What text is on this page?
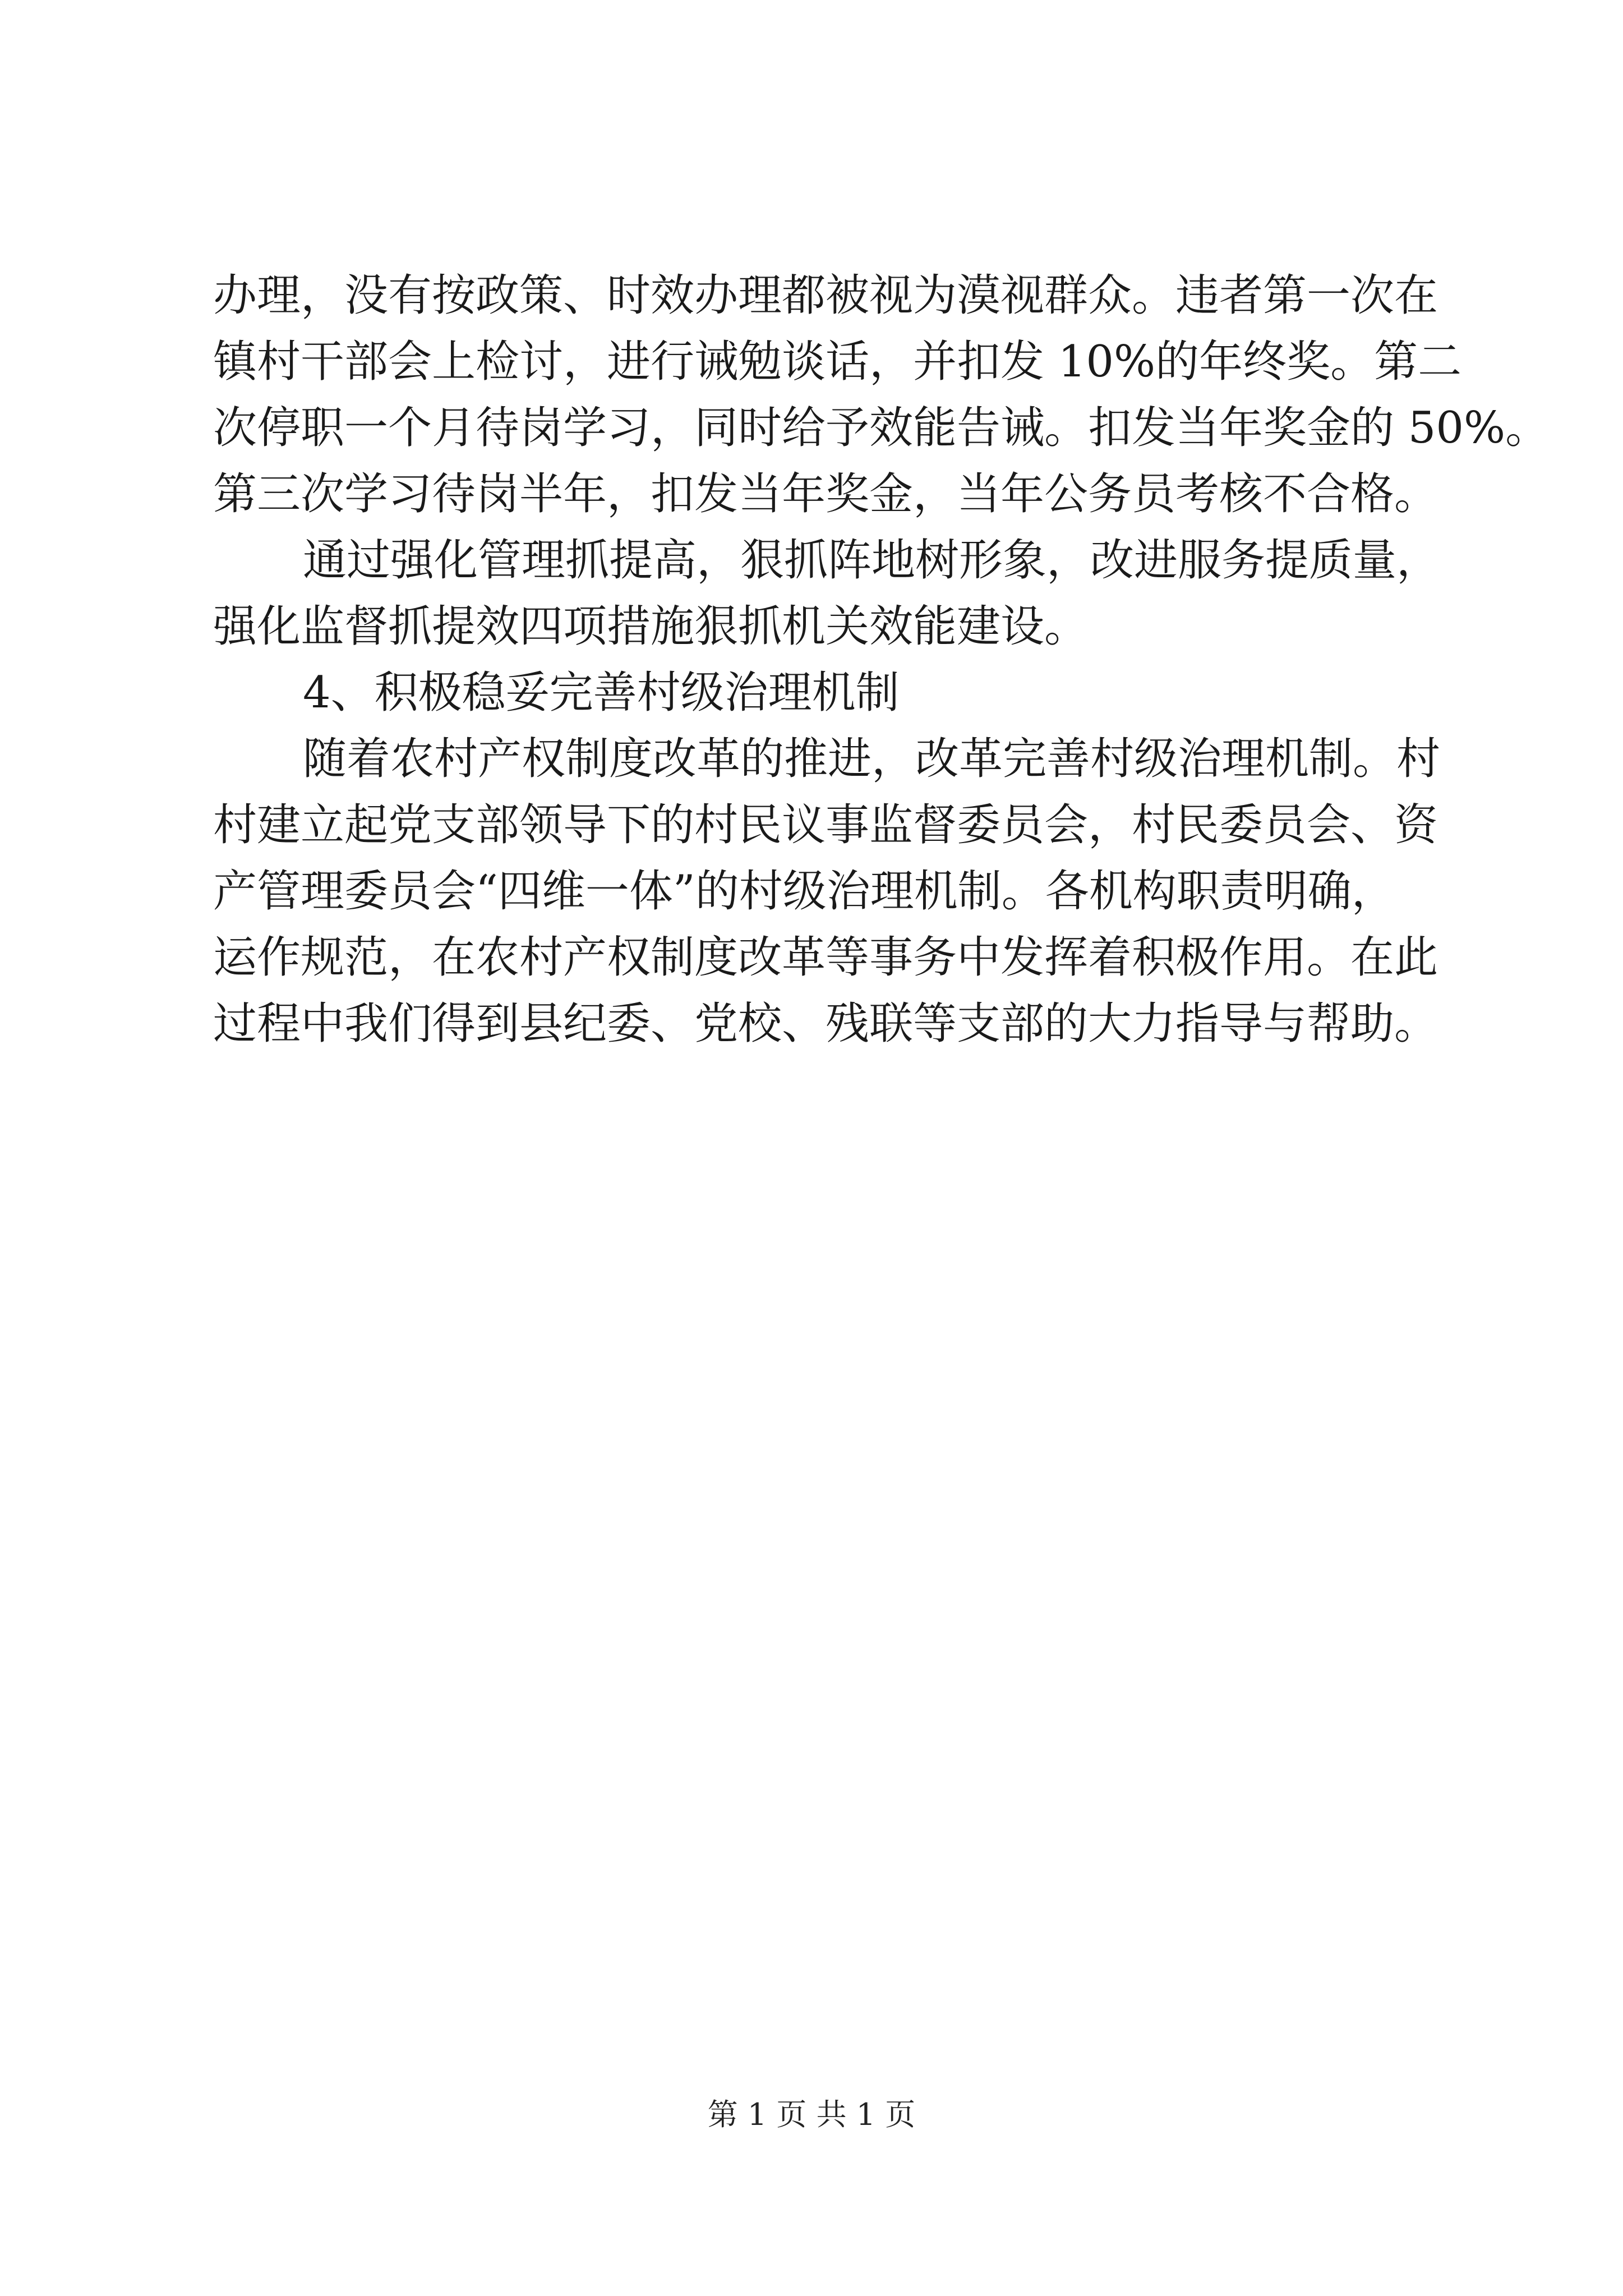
办理，没有按政策、时效办理都被视为漠视群众。违者第一次在
镇村干部会上检讨，进行诫勉谈话，并扣发 10%的年终奖。第二
次停职一个月待岗学习，同时给予效能告诫。扣发当年奖金的 50%。
第三次学习待岗半年，扣发当年奖金，当年公务员考核不合格。
通过强化管理抓提高，狠抓阵地树形象，改进服务提质量，
强化监督抓提效四项措施狠抓机关效能建设。
4、积极稳妥完善村级治理机制
随着农村产权制度改革的推进，改革完善村级治理机制。村
村建立起党支部领导下的村民议事监督委员会，村民委员会、资
产管理委员会“四维一体”的村级治理机制。各机构职责明确，
运作规范，在农村产权制度改革等事务中发挥着积极作用。在此
过程中我们得到县纪委、党校、残联等支部的大力指导与帮助。
第 1 页 共 1 页
